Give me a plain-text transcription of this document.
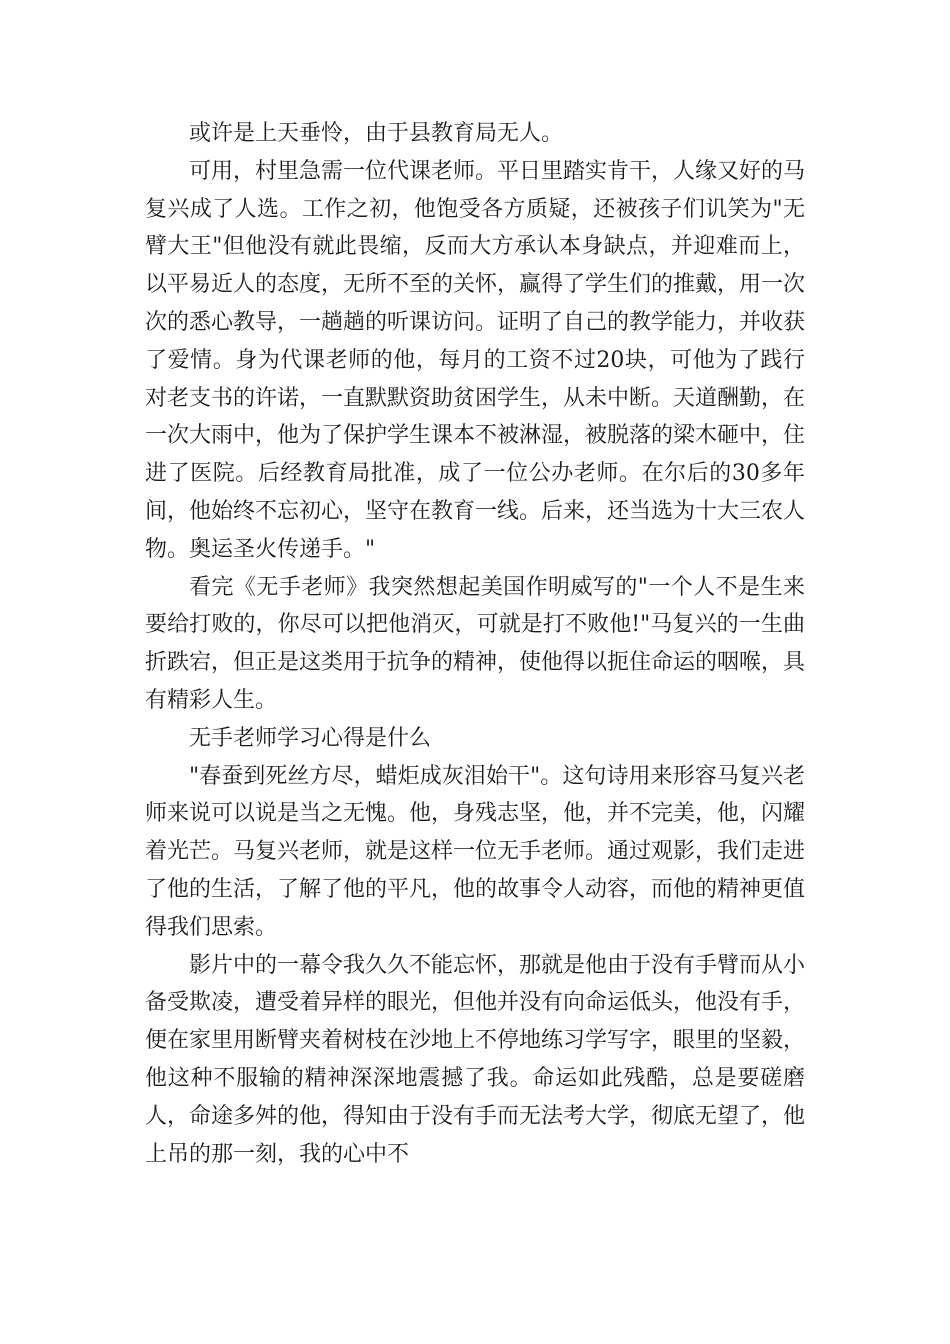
或许是上天垂怜，由于县教育局无人。

可用，村里急需一位代课老师。平日里踏实肯干，人缘又好的马复兴成了人选。工作之初，他饱受各方质疑，还被孩子们讥笑为"无臂大王"但他没有就此畏缩，反而大方承认本身缺点，并迎难而上，以平易近人的态度，无所不至的关怀，赢得了学生们的推戴，用一次次的悉心教导，一趟趟的听课访问。证明了自己的教学能力，并收获了爱情。身为代课老师的他，每月的工资不过20块，可他为了践行对老支书的许诺，一直默默资助贫困学生，从未中断。天道酬勤，在一次大雨中，他为了保护学生课本不被淋湿，被脱落的梁木砸中，住进了医院。后经教育局批准，成了一位公办老师。在尔后的30多年间，他始终不忘初心，坚守在教育一线。后来，还当选为十大三农人物。奥运圣火传递手。"

看完《无手老师》我突然想起美国作明威写的"一个人不是生来要给打败的，你尽可以把他消灭，可就是打不败他!"马复兴的一生曲折跌宕，但正是这类用于抗争的精神，使他得以扼住命运的咽喉，具有精彩人生。

无手老师学习心得是什么

"春蚕到死丝方尽，蜡炬成灰泪始干"。这句诗用来形容马复兴老师来说可以说是当之无愧。他，身残志坚，他，并不完美，他，闪耀着光芒。马复兴老师，就是这样一位无手老师。通过观影，我们走进了他的生活，了解了他的平凡，他的故事令人动容，而他的精神更值得我们思索。

影片中的一幕令我久久不能忘怀，那就是他由于没有手臂而从小备受欺凌，遭受着异样的眼光，但他并没有向命运低头，他没有手，便在家里用断臂夹着树枝在沙地上不停地练习学写字，眼里的坚毅，他这种不服输的精神深深地震撼了我。命运如此残酷，总是要磋磨人，命途多舛的他，得知由于没有手而无法考大学，彻底无望了，他上吊的那一刻，我的心中不
